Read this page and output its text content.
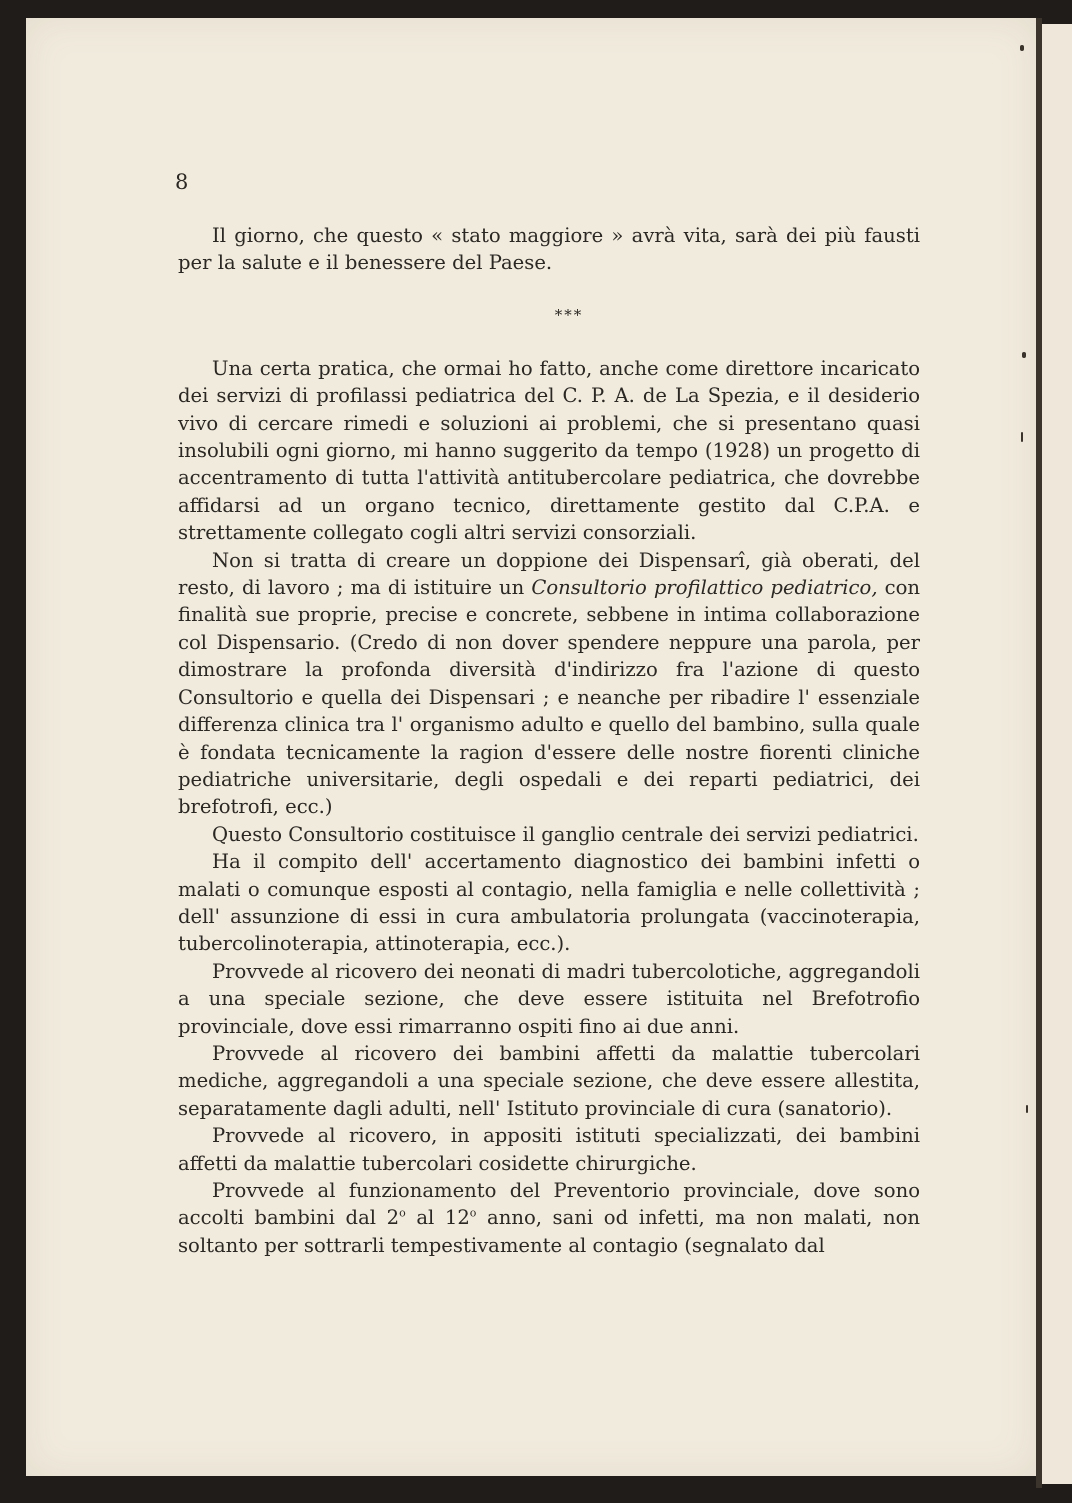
8

Il giorno, che questo « stato maggiore » avrà vita, sarà dei più fausti per la salute e il benessere del Paese.

***

Una certa pratica, che ormai ho fatto, anche come direttore incaricato dei servizi di profilassi pediatrica del C. P. A. de La Spezia, e il desiderio vivo di cercare rimedi e soluzioni ai problemi, che si presentano quasi insolubili ogni giorno, mi hanno suggerito da tempo (1928) un progetto di accentramento di tutta l'attività antitubercolare pediatrica, che dovrebbe affidarsi ad un organo tecnico, direttamente gestito dal C.P.A. e strettamente collegato cogli altri servizi consorziali.

Non si tratta di creare un doppione dei Dispensarî, già oberati, del resto, di lavoro ; ma di istituire un Consultorio profilattico pediatrico, con finalità sue proprie, precise e concrete, sebbene in intima collaborazione col Dispensario. (Credo di non dover spendere neppure una parola, per dimostrare la profonda diversità d'indirizzo fra l'azione di questo Consultorio e quella dei Dispensari ; e neanche per ribadire l' essenziale differenza clinica tra l' organismo adulto e quello del bambino, sulla quale è fondata tecnicamente la ragion d'essere delle nostre fiorenti cliniche pediatriche universitarie, degli ospedali e dei reparti pediatrici, dei brefotrofi, ecc.)

Questo Consultorio costituisce il ganglio centrale dei servizi pediatrici.

Ha il compito dell' accertamento diagnostico dei bambini infetti o malati o comunque esposti al contagio, nella famiglia e nelle collettività ; dell' assunzione di essi in cura ambulatoria prolungata (vaccinoterapia, tubercolinoterapia, attinoterapia, ecc.).

Provvede al ricovero dei neonati di madri tubercolotiche, aggregandoli a una speciale sezione, che deve essere istituita nel Brefotrofio provinciale, dove essi rimarranno ospiti fino ai due anni.

Provvede al ricovero dei bambini affetti da malattie tubercolari mediche, aggregandoli a una speciale sezione, che deve essere allestita, separatamente dagli adulti, nell' Istituto provinciale di cura (sanatorio).

Provvede al ricovero, in appositi istituti specializzati, dei bambini affetti da malattie tubercolari cosidette chirurgiche.

Provvede al funzionamento del Preventorio provinciale, dove sono accolti bambini dal 2$^o$ al 12$^o$ anno, sani od infetti, ma non malati, non soltanto per sottrarli tempestivamente al contagio (segnalato dal
